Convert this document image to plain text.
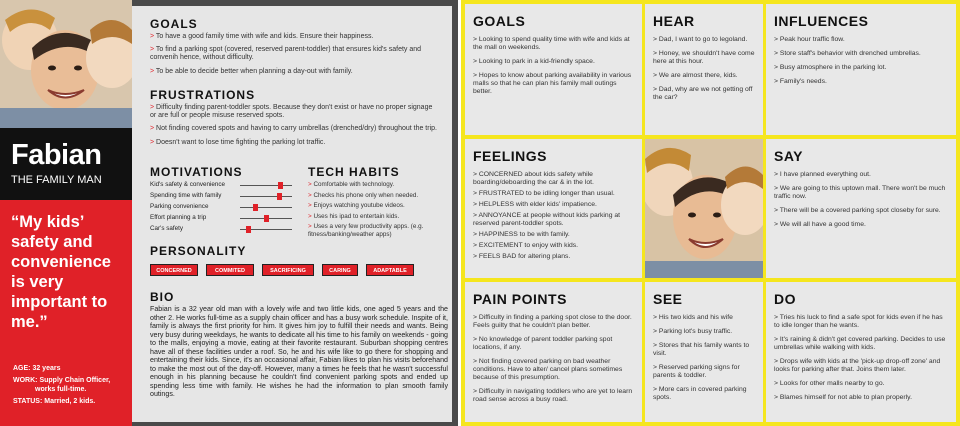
Fabian
THE FAMILY MAN
“My kids’ safety and convenience is very important to me.”
AGE: 32 years
WORK: Supply Chain Officer,
works full-time.
STATUS: Married, 2 kids.
GOALS
> To have a good family time with wife and kids. Ensure their happiness.
> To find a parking spot (covered, reserved parent-toddler) that ensures kid's safety and convenih hence, without difficulty.
> To be able to decide better when planning a day-out with family.
FRUSTRATIONS
> Difficulty finding parent-toddler spots. Because they don't exist or have no proper signage or are full or people misuse reserved spots.
> Not finding covered spots and having to carry umbrellas (drenched/dry) throughout the trip.
> Doesn't want to lose time fighting the parking lot traffic.
MOTIVATIONS
Kid's safety & convenience
Spending time with family
Parking convenience
Effort planning a trip
Car's safety
TECH HABITS
> Comfortable with technology.
> Checks his phone only when needed.
> Enjoys watching youtube videos.
> Uses his ipad to entertain kids.
> Uses a very few productivity apps. (e.g. fitness/banking/weather apps)
PERSONALITY
CONCERNED	COMMITED	SACRIFICING	CARING	ADAPTABLE
BIO
Fabian is a 32 year old man with a lovely wife and two little kids, one aged 5 years and the other 2. He works full-time as a supply chain officer and has a busy work schedule. Inspite of it, family is always the first priority for him. It gives him joy to fulfill their needs and wants. Being very busy during weekdays, he wants to dedicate all his time to his family on weekends - going to the malls, enjoying a movie, eating at their favorite restaurant. Suburban shopping centres have all of these facilities under a roof. So, he and his wife like to go there for shopping and entertaining their kids. Since, it's an occasional affair, Fabian likes to plan his visits beforehand to make the most out of the day-off. However, many a times he feels that he wasn't successful enough in his planning because he couldn't find convenient parking spots and ended up spending less time with family. He wishes he had the information to plan smooth family outings.
GOALS
> Looking to spend quality time with wife and kids at the mall on weekends.
> Looking to park in a kid-friendly space.
> Hopes to know about parking availability in various malls so that he can plan his family mall outings better.
HEAR
> Dad, I want to go to legoland.
> Honey, we shouldn't have come here at this hour.
> We are almost there, kids.
> Dad, why are we not getting off the car?
INFLUENCES
> Peak hour traffic flow.
> Store staff's behavior with drenched umbrellas.
> Busy atmosphere in the parking lot.
> Family's needs.
FEELINGS
> CONCERNED about kids safety while boarding/deboarding the car & in the lot.
> FRUSTRATED to be idling longer than usual.
> HELPLESS with elder kids' impatience.
> ANNOYANCE at people without kids parking at reserved parent-toddler spots.
> HAPPINESS to be with family.
> EXCITEMENT to enjoy with kids.
> FEELS BAD for altering plans.
SAY
> I have planned everything out.
> We are going to this uptown mall. There won't be much traffic now.
> There will be a covered parking spot closeby for sure.
> We will all have a good time.
PAIN POINTS
> Difficulty in finding a parking spot close to the door. Feels guilty that he couldn't plan better.
> No knowledge of parent toddler parking spot locations, if any.
> Not finding covered parking on bad weather conditions. Have to alter/ cancel plans sometimes because of this presumption.
> Difficulty in navigating toddlers who are yet to learn road sense across a busy road.
SEE
> His two kids and his wife
> Parking lot's busy traffic.
> Stores that his family wants to visit.
> Reserved parking signs for parents & toddler.
> More cars in covered parking spots.
DO
> Tries his luck to find a safe spot for kids even if he has to idle longer than he wants.
> It's raining & didn't get covered parking. Decides to use umbrellas while walking with kids.
> Drops wife with kids at the 'pick-up drop-off zone' and looks for parking after that. Joins them later.
> Looks for other malls nearby to go.
> Blames himself for not able to plan properly.
